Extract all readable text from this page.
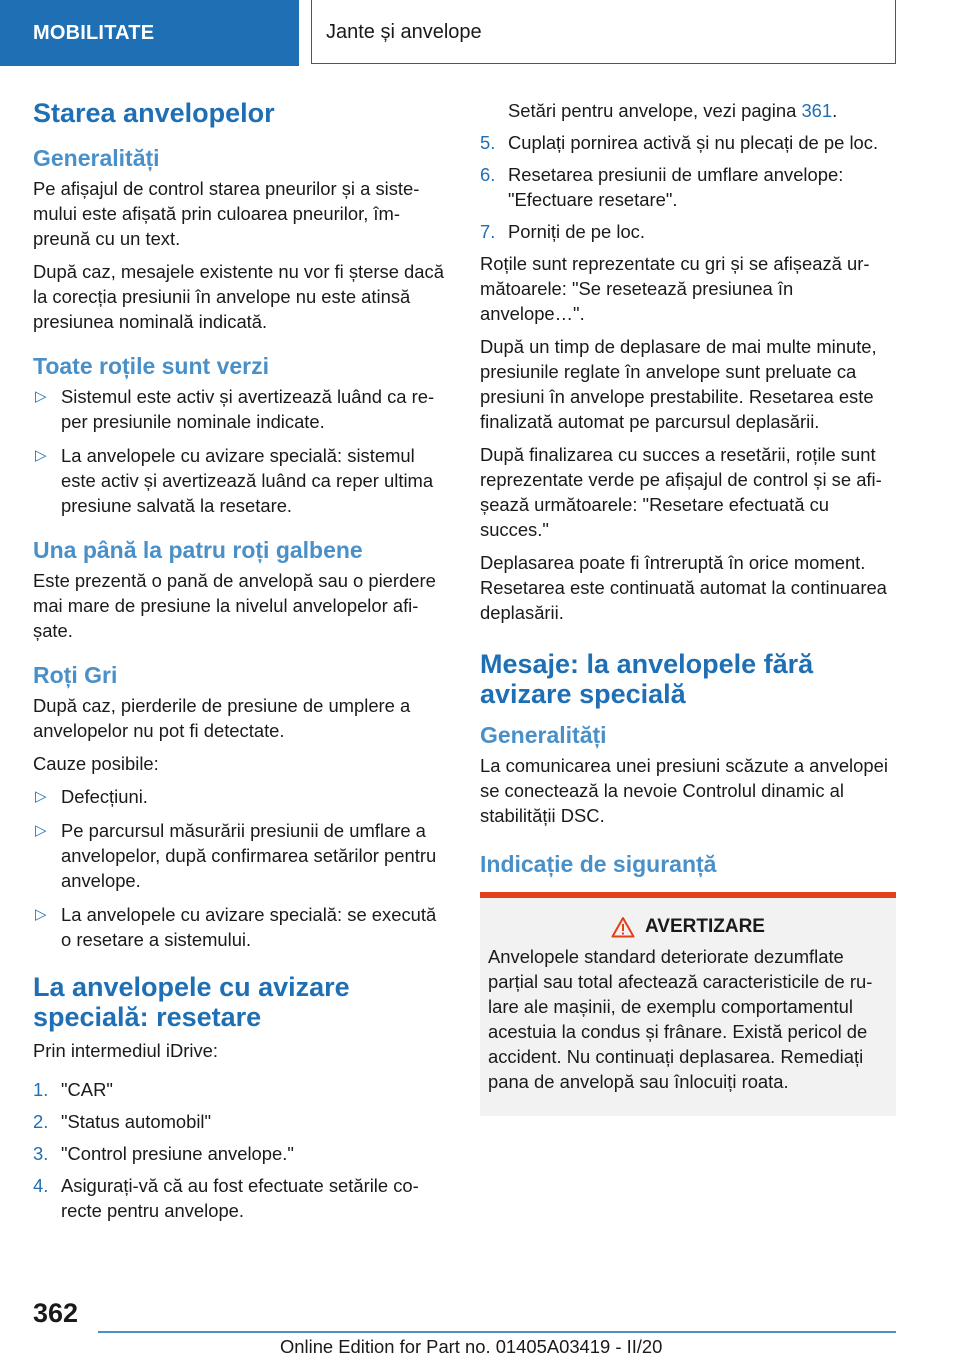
MOBILITATE	Jante și anvelope
Starea anvelopelor
Generalități

Pe afișajul de control starea pneurilor și a sistemului este afișată prin culoarea pneurilor, împreună cu un text.

După caz, mesajele existente nu vor fi șterse dacă la corecția presiunii în anvelope nu este atinsă presiunea nominală indicată.

Toate roțile sunt verzi
▷ Sistemul este activ și avertizează luând ca reper presiunile nominale indicate.
▷ La anvelopele cu avizare specială: sistemul este activ și avertizează luând ca reper ultima presiune salvată la resetare.
Una până la patru roți galbene

Este prezentă o pană de anvelopă sau o pierdere mai mare de presiune la nivelul anvelopelor afișate.

Roți Gri

După caz, pierderile de presiune de umplere a anvelopelor nu pot fi detectate.

Cauze posibile:

▷ Defecțiuni.
▷ Pe parcursul măsurării presiunii de umflare a anvelopelor, după confirmarea setărilor pentru anvelope.
▷ La anvelopele cu avizare specială: se execută o resetare a sistemului.
La anvelopele cu avizare specială: resetare

Prin intermediul iDrive:

1. "CAR"
2. "Status automobil"
3. "Control presiune anvelope."
4. Asigurați-vă că au fost efectuate setările corecte pentru anvelope.
Setări pentru anvelope, vezi pagina 361.
5. Cuplați pornirea activă și nu plecați de pe loc.
6. Resetarea presiunii de umflare anvelope: "Efectuare resetare".
7. Porniți de pe loc.

Roțile sunt reprezentate cu gri și se afișează următoarele: "Se resetează presiunea în anvelope…".

După un timp de deplasare de mai multe minute, presiunile reglate în anvelope sunt preluate ca presiuni în anvelope prestabilite. Resetarea este finalizată automat pe parcursul deplasării.

După finalizarea cu succes a resetării, roțile sunt reprezentate verde pe afișajul de control și se afișează următoarele: "Resetare efectuată cu succes."

Deplasarea poate fi întreruptă în orice moment. Resetarea este continuată automat la continuarea deplasării.

Mesaje: la anvelopele fără avizare specială
Generalități

La comunicarea unei presiuni scăzute a anvelopei se conectează la nevoie Controlul dinamic al stabilității DSC.

Indicație de siguranță
AVERTIZARE
Anvelopele standard deteriorate dezumflate parțial sau total afectează caracteristicile de rulare ale mașinii, de exemplu comportamentul acestuia la condus și frânare. Există pericol de accident. Nu continuați deplasarea. Remediați pana de anvelopă sau înlocuiți roata.
362
Online Edition for Part no. 01405A03419 - II/20
